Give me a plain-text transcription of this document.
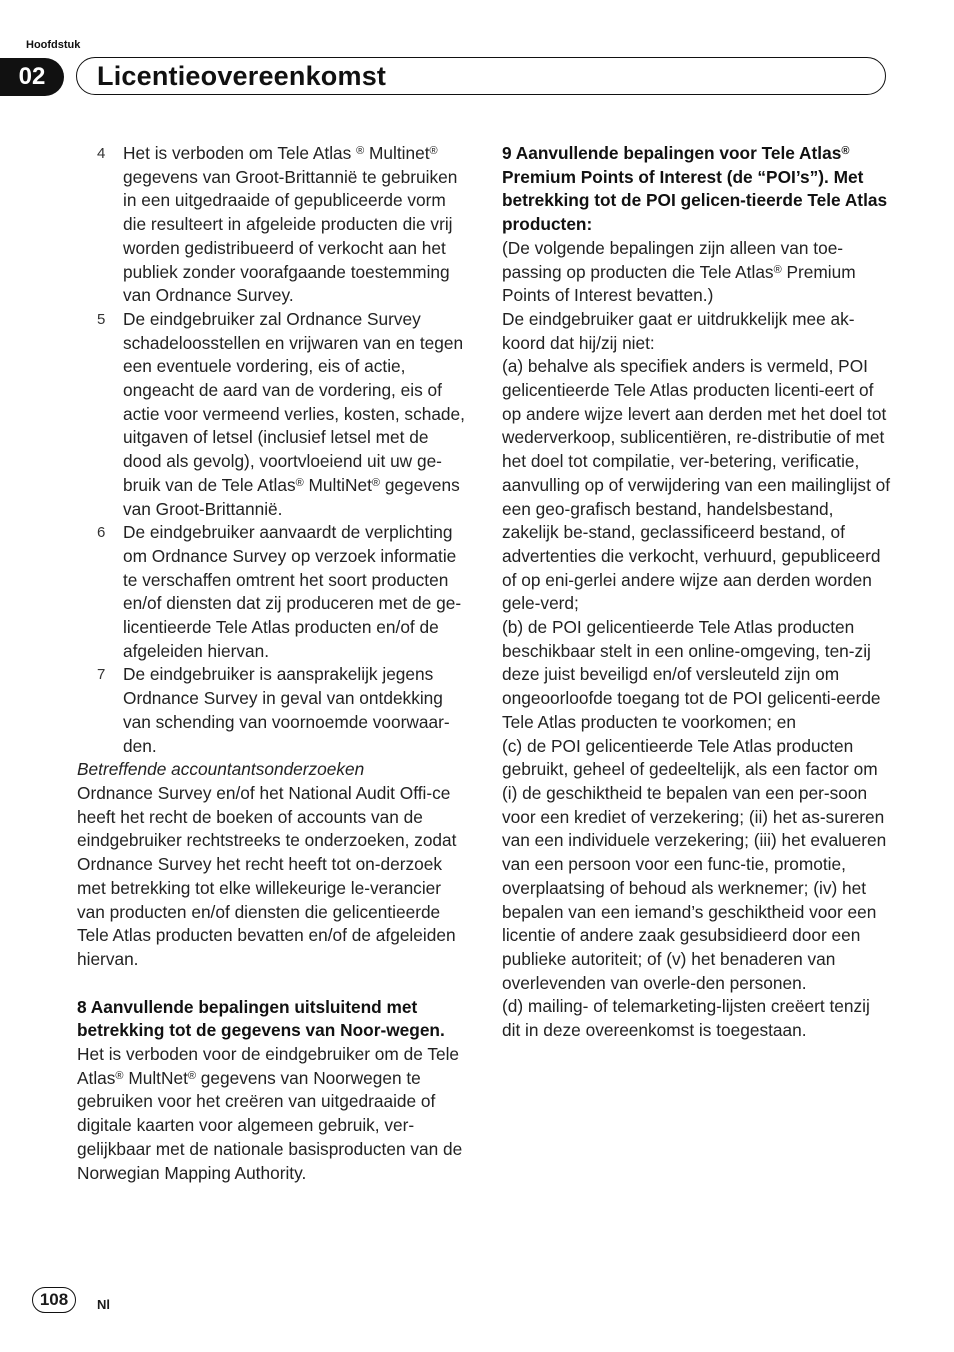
Hoofdstuk
02	Licentieovereenkomst
4 Het is verboden om Tele Atlas ® Multinet® gegevens van Groot-Brittannië te gebruiken in een uitgedraaide of gepubliceerde vorm die resulteert in afgeleide producten die vrij worden gedistribueerd of verkocht aan het publiek zonder voorafgaande toestemming van Ordnance Survey.
5 De eindgebruiker zal Ordnance Survey schadeloosstellen en vrijwaren van en tegen een eventuele vordering, eis of actie, ongeacht de aard van de vordering, eis of actie voor vermeend verlies, kosten, schade, uitgaven of letsel (inclusief letsel met de dood als gevolg), voortvloeiend uit uw ge-bruik van de Tele Atlas® MultiNet® gegevens van Groot-Brittannië.
6 De eindgebruiker aanvaardt de verplichting om Ordnance Survey op verzoek informatie te verschaffen omtrent het soort producten en/of diensten dat zij produceren met de ge-licentieerde Tele Atlas producten en/of de afgeleiden hiervan.
7 De eindgebruiker is aansprakelijk jegens Ordnance Survey in geval van ontdekking van schending van voornoemde voorwaar-den.

Betreffende accountantsonderzoeken

Ordnance Survey en/of het National Audit Offi-ce heeft het recht de boeken of accounts van de eindgebruiker rechtstreeks te onderzoeken, zodat Ordnance Survey het recht heeft tot on-derzoek met betrekking tot elke willekeurige le-verancier van producten en/of diensten die gelicentieerde Tele Atlas producten bevatten en/of de afgeleiden hiervan.

8 Aanvullende bepalingen uitsluitend met betrekking tot de gegevens van Noor-wegen.

Het is verboden voor de eindgebruiker om de Tele Atlas® MultNet® gegevens van Noorwegen te gebruiken voor het creëren van uitgedraaide of digitale kaarten voor algemeen gebruik, ver-gelijkbaar met de nationale basisproducten van de Norwegian Mapping Authority.

9 Aanvullende bepalingen voor Tele Atlas® Premium Points of Interest (de “POI’s”). Met betrekking tot de POI gelicen-tieerde Tele Atlas producten:

(De volgende bepalingen zijn alleen van toe-passing op producten die Tele Atlas® Premium Points of Interest bevatten.)

De eindgebruiker gaat er uitdrukkelijk mee ak-koord dat hij/zij niet:

(a) behalve als specifiek anders is vermeld, POI gelicentieerde Tele Atlas producten licenti-eert of op andere wijze levert aan derden met het doel tot wederverkoop, sublicentiëren, re-distributie of met het doel tot compilatie, ver-betering, verificatie, aanvulling op of verwijdering van een mailinglijst of een geo-grafisch bestand, handelsbestand, zakelijk be-stand, geclassificeerd bestand, of advertenties die verkocht, verhuurd, gepubliceerd of op eni-gerlei andere wijze aan derden worden gele-verd;

(b) de POI gelicentieerde Tele Atlas producten beschikbaar stelt in een online-omgeving, ten-zij deze juist beveiligd en/of versleuteld zijn om ongeoorloofde toegang tot de POI gelicenti-eerde Tele Atlas producten te voorkomen; en

(c) de POI gelicentieerde Tele Atlas producten gebruikt, geheel of gedeeltelijk, als een factor om (i) de geschiktheid te bepalen van een per-soon voor een krediet of verzekering; (ii) het as-sureren van een individuele verzekering; (iii) het evalueren van een persoon voor een func-tie, promotie, overplaatsing of behoud als werknemer; (iv) het bepalen van een iemand’s geschiktheid voor een licentie of andere zaak gesubsidieerd door een publieke autoriteit; of (v) het benaderen van overlevenden van overle-den personen.

(d) mailing- of telemarketing-lijsten creëert tenzij dit in deze overeenkomst is toegestaan.

108	Nl
